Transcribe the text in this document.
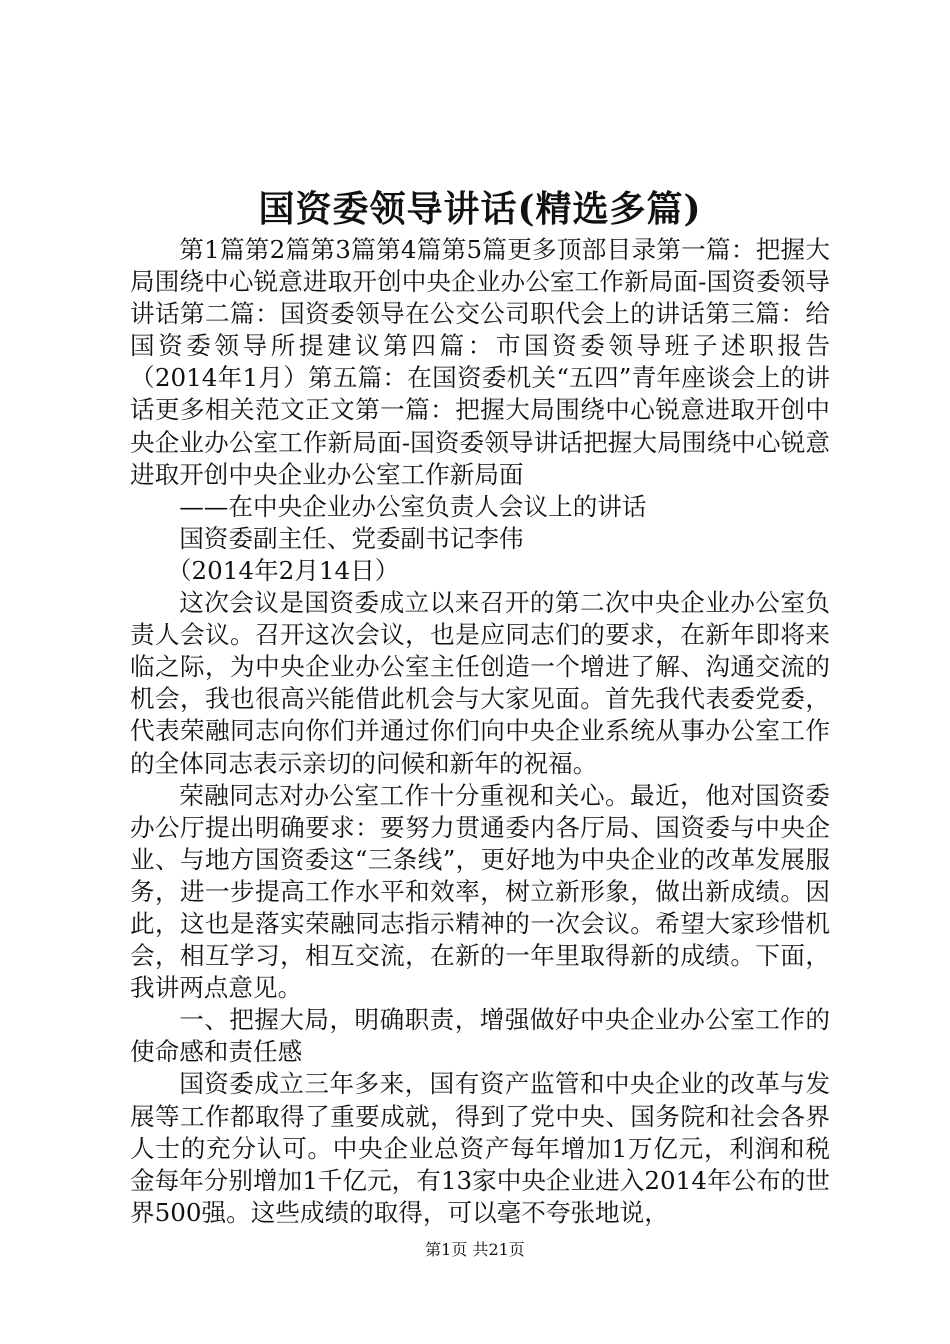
国资委领导讲话(精选多篇)

第1篇第2篇第3篇第4篇第5篇更多顶部目录第一篇：把握大局围绕中心锐意进取开创中央企业办公室工作新局面-国资委领导讲话第二篇：国资委领导在公交公司职代会上的讲话第三篇：给国资委领导所提建议第四篇：市国资委领导班子述职报告（2014年1月）第五篇：在国资委机关“五四”青年座谈会上的讲话更多相关范文正文第一篇：把握大局围绕中心锐意进取开创中央企业办公室工作新局面-国资委领导讲话把握大局围绕中心锐意进取开创中央企业办公室工作新局面

——在中央企业办公室负责人会议上的讲话

国资委副主任、党委副书记李伟

（2014年2月14日）

这次会议是国资委成立以来召开的第二次中央企业办公室负责人会议。召开这次会议，也是应同志们的要求，在新年即将来临之际，为中央企业办公室主任创造一个增进了解、沟通交流的机会，我也很高兴能借此机会与大家见面。首先我代表委党委，代表荣融同志向你们并通过你们向中央企业系统从事办公室工作的全体同志表示亲切的问候和新年的祝福。

荣融同志对办公室工作十分重视和关心。最近，他对国资委办公厅提出明确要求：要努力贯通委内各厅局、国资委与中央企业、与地方国资委这“三条线”，更好地为中央企业的改革发展服务，进一步提高工作水平和效率，树立新形象，做出新成绩。因此，这也是落实荣融同志指示精神的一次会议。希望大家珍惜机会，相互学习，相互交流，在新的一年里取得新的成绩。下面，我讲两点意见。

一、把握大局，明确职责，增强做好中央企业办公室工作的使命感和责任感

国资委成立三年多来，国有资产监管和中央企业的改革与发展等工作都取得了重要成就，得到了党中央、国务院和社会各界人士的充分认可。中央企业总资产每年增加1万亿元，利润和税金每年分别增加1千亿元，有13家中央企业进入2014年公布的世界500强。这些成绩的取得，可以毫不夸张地说，

第1页 共21页
